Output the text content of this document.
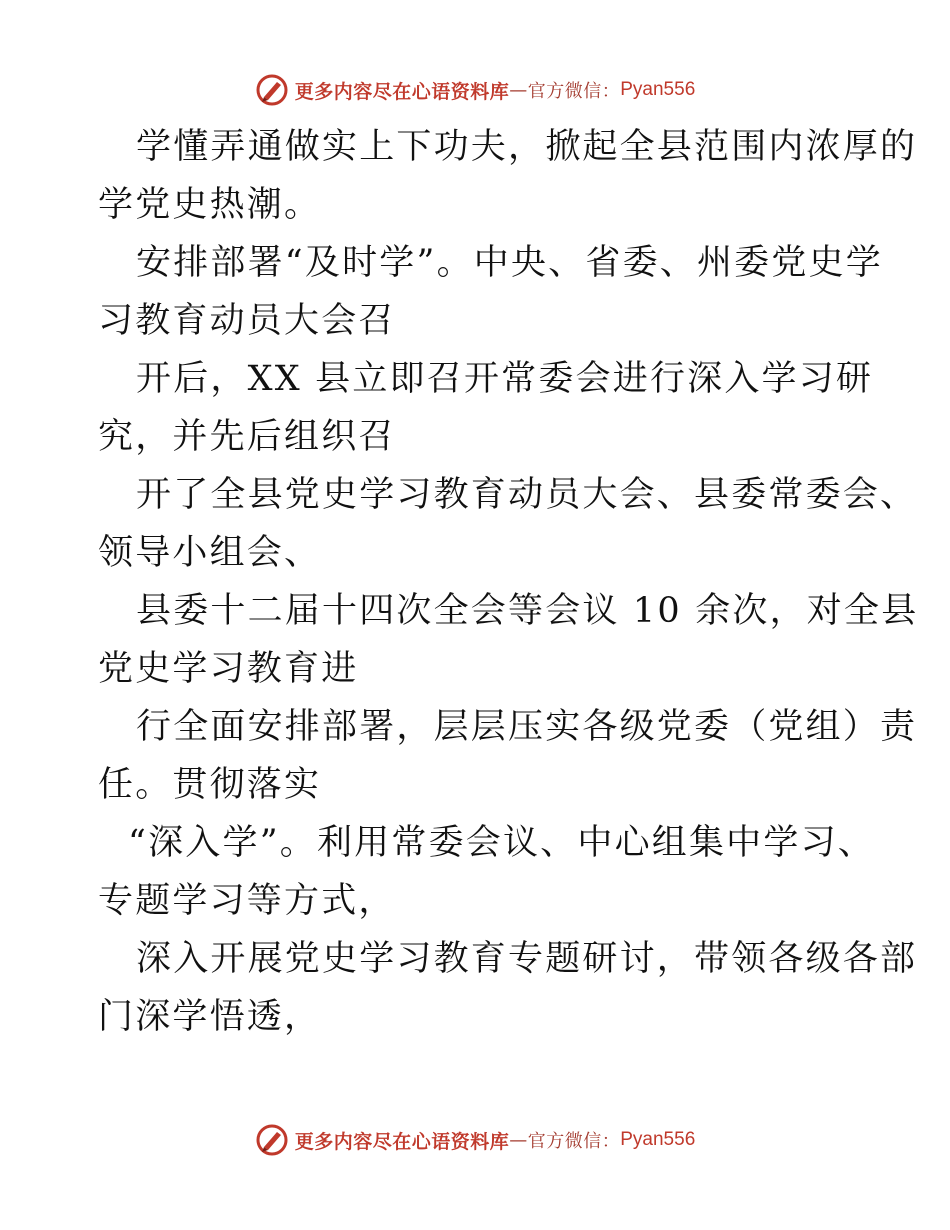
更多内容尽在心语资料库 — 官方微信： Pyan556
学懂弄通做实上下功夫，掀起全县范围内浓厚的
学党史热潮。
安排部署“及时学”。中央、省委、州委党史学
习教育动员大会召
开后，XX 县立即召开常委会进行深入学习研
究，并先后组织召
开了全县党史学习教育动员大会、县委常委会、
领导小组会、
县委十二届十四次全会等会议 10 余次，对全县
党史学习教育进
行全面安排部署，层层压实各级党委（党组）责
任。贯彻落实
“深入学”。利用常委会议、中心组集中学习、
专题学习等方式，
深入开展党史学习教育专题研讨，带领各级各部
门深学悟透，
更多内容尽在心语资料库 — 官方微信： Pyan556
